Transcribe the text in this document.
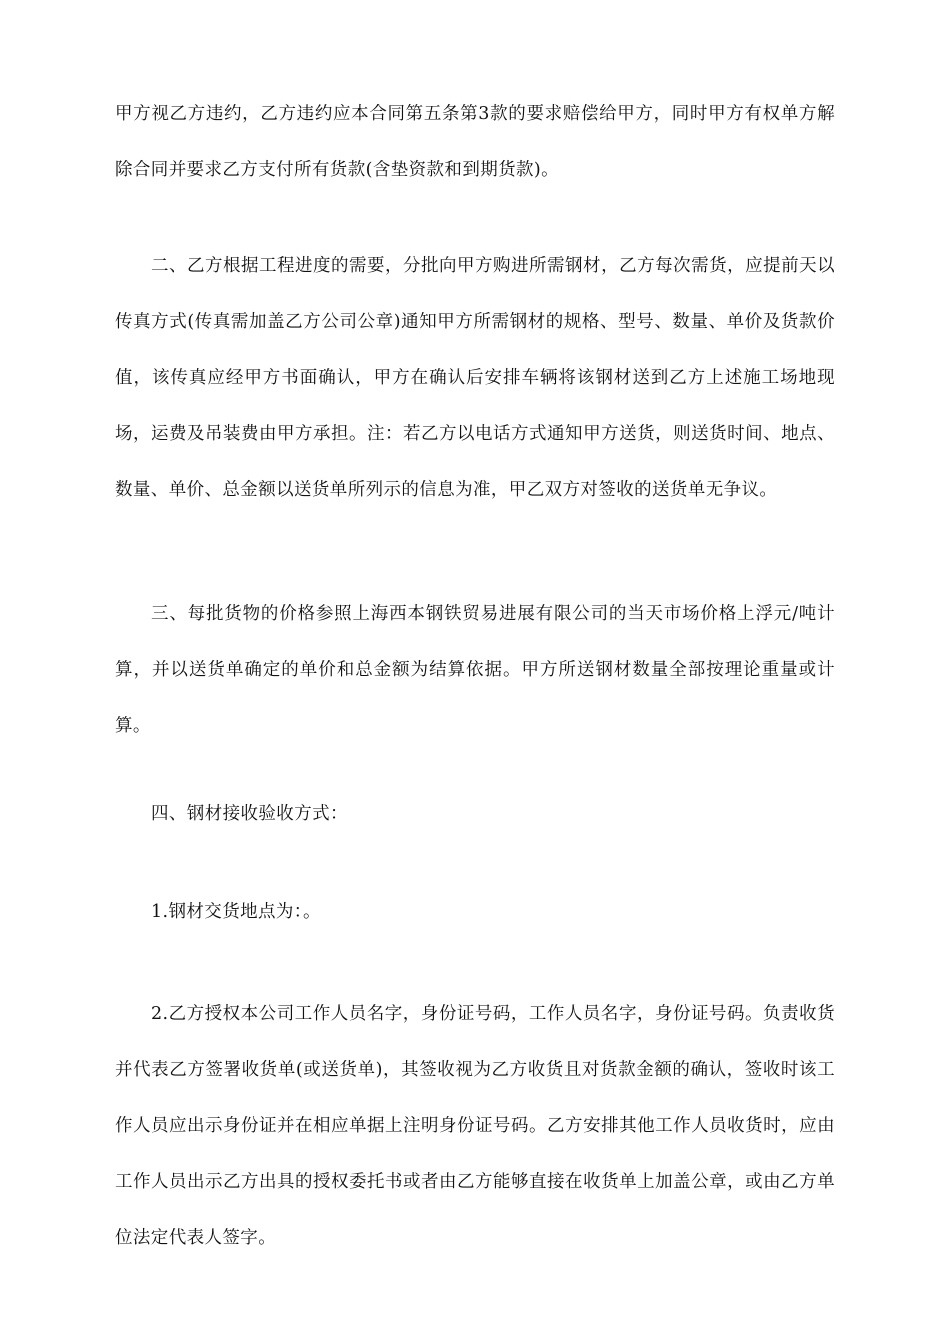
甲方视乙方违约，乙方违约应本合同第五条第3款的要求赔偿给甲方，同时甲方有权单方解除合同并要求乙方支付所有货款(含垫资款和到期货款)。

二、乙方根据工程进度的需要，分批向甲方购进所需钢材，乙方每次需货，应提前天以传真方式(传真需加盖乙方公司公章)通知甲方所需钢材的规格、型号、数量、单价及货款价值，该传真应经甲方书面确认，甲方在确认后安排车辆将该钢材送到乙方上述施工场地现场，运费及吊装费由甲方承担。注：若乙方以电话方式通知甲方送货，则送货时间、地点、数量、单价、总金额以送货单所列示的信息为准，甲乙双方对签收的送货单无争议。

三、每批货物的价格参照上海西本钢铁贸易进展有限公司的当天市场价格上浮元/吨计算，并以送货单确定的单价和总金额为结算依据。甲方所送钢材数量全部按理论重量或计算。

四、钢材接收验收方式：

1.钢材交货地点为：。

2.乙方授权本公司工作人员名字，身份证号码，工作人员名字，身份证号码。负责收货并代表乙方签署收货单(或送货单)，其签收视为乙方收货且对货款金额的确认，签收时该工作人员应出示身份证并在相应单据上注明身份证号码。乙方安排其他工作人员收货时，应由工作人员出示乙方出具的授权委托书或者由乙方能够直接在收货单上加盖公章，或由乙方单位法定代表人签字。
